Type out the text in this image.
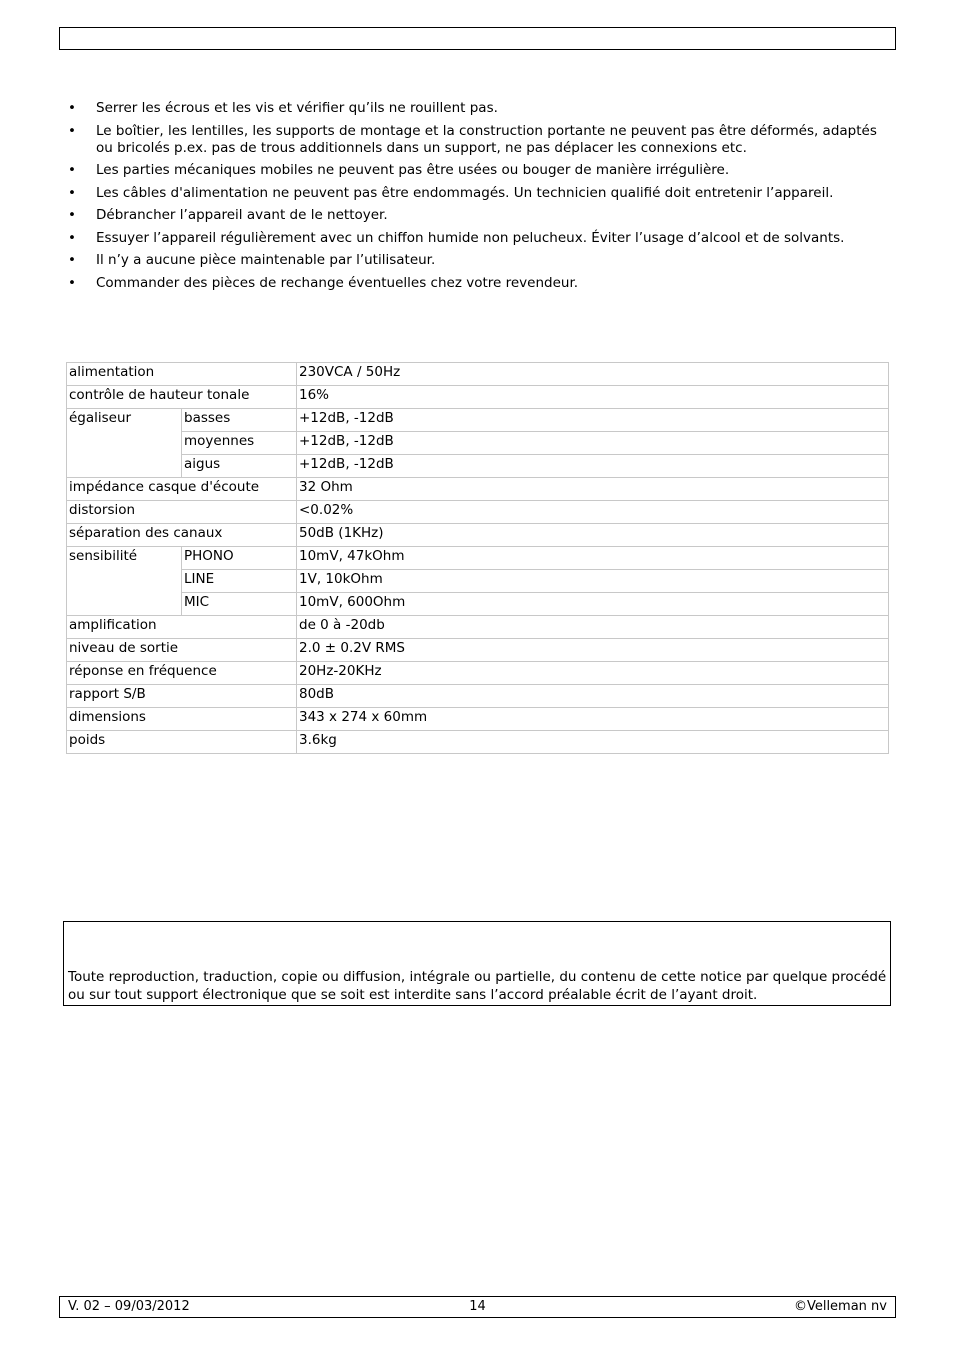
• Serrer les écrous et les vis et vérifier qu’ils ne rouillent pas.
• Le boîtier, les lentilles, les supports de montage et la construction portante ne peuvent pas être déformés, adaptés ou bricolés p.ex. pas de trous additionnels dans un support, ne pas déplacer les connexions etc.
• Les parties mécaniques mobiles ne peuvent pas être usées ou bouger de manière irrégulière.
• Les câbles d'alimentation ne peuvent pas être endommagés. Un technicien qualifié doit entretenir l’appareil.
• Débrancher l’appareil avant de le nettoyer.
• Essuyer l’appareil régulièrement avec un chiffon humide non pelucheux. Éviter l’usage d’alcool et de solvants.
• Il n’y a aucune pièce maintenable par l’utilisateur.
• Commander des pièces de rechange éventuelles chez votre revendeur.
alimentation		230VCA / 50Hz
contrôle de hauteur tonale		16%
égaliseur	basses	+12dB, -12dB
	moyennes	+12dB, -12dB
	aigus	+12dB, -12dB
impédance casque d'écoute		32 Ohm
distorsion		<0.02%
séparation des canaux		50dB (1KHz)
sensibilité	PHONO	10mV, 47kOhm
	LINE	1V, 10kOhm
	MIC	10mV, 600Ohm
amplification		de 0 à -20db
niveau de sortie		2.0 ± 0.2V RMS
réponse en fréquence		20Hz-20KHz
rapport S/B		80dB
dimensions		343 x 274 x 60mm
poids		3.6kg
Toute reproduction, traduction, copie ou diffusion, intégrale ou partielle, du contenu de cette notice par quelque procédé ou sur tout support électronique que se soit est interdite sans l’accord préalable écrit de l’ayant droit.
V. 02 – 09/03/2012	14	©Velleman nv
